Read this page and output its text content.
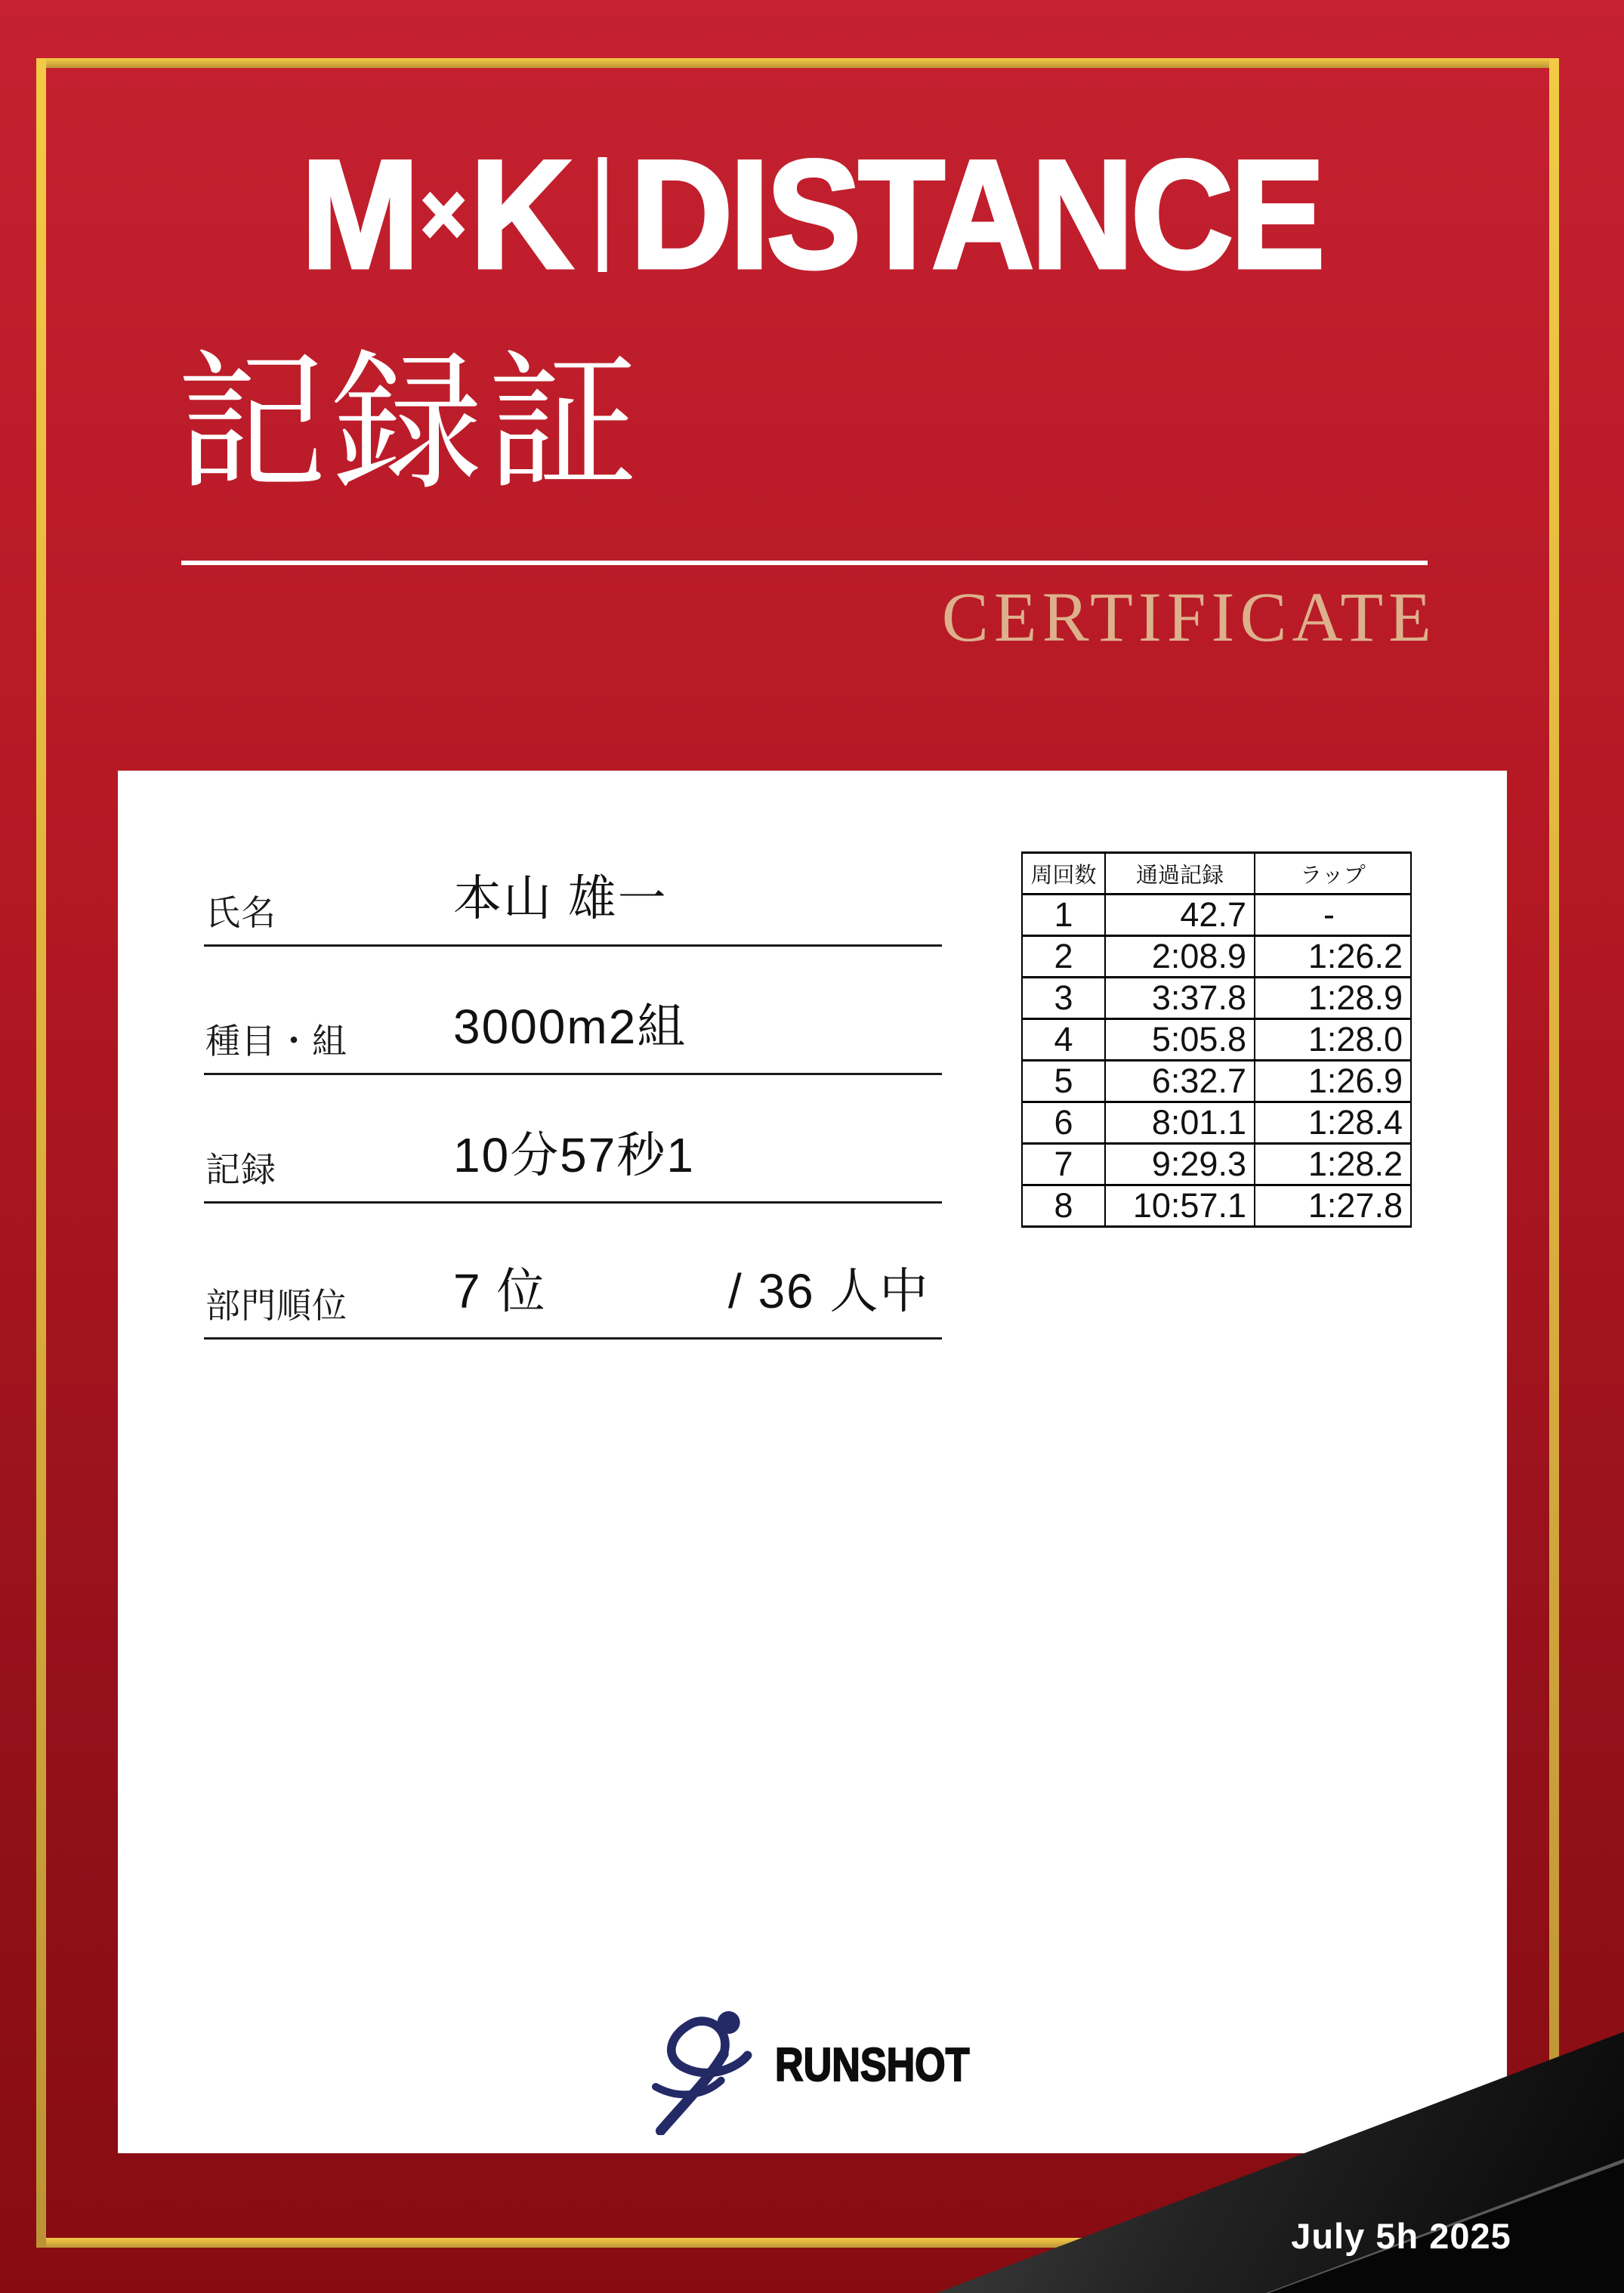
M × K DISTANCE
記録証
CERTIFICATE
氏名	本山 雄一
種目・組 3000m2組
記録	10分57秒1
部門順位 7 位	/ 36 人中
周回数	通過記録	ラップ
1	42.7	-
2	2:08.9	1:26.2
3	3:37.8	1:28.9
4	5:05.8	1:28.0
5	6:32.7	1:26.9
6	8:01.1	1:28.4
7	9:29.3	1:28.2
8	10:57.1	1:27.8
RUNSHOT
July 5h 2025
